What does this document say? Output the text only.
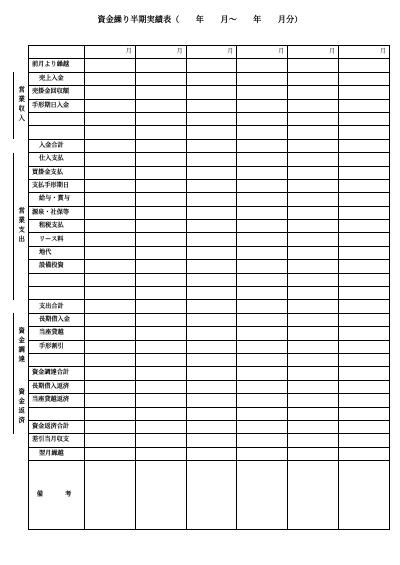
資金繰り半期実績表（　　年　　月〜　　年　　月分）
		月	月	月	月	月	月
	前月より繰越						
営業収入	売上入金						
	売掛金回収額						
	手形期日入金						

	入金合計						
営業支出	仕入支払						
	買掛金支払						
	支払手形期日						
	給与・賞与						
	源泉・社保等						
	租税支払						
	リース料						
	地代						
	設備投資						

	支出合計						
資金調達	長期借入金						
	当座貸越						
	手形割引						

	資金調達合計						
資金返済	長期借入返済						
	当座貸越返済						

	資金返済合計						
	差引当月収支						
	翌月繰越						
	備　考						
